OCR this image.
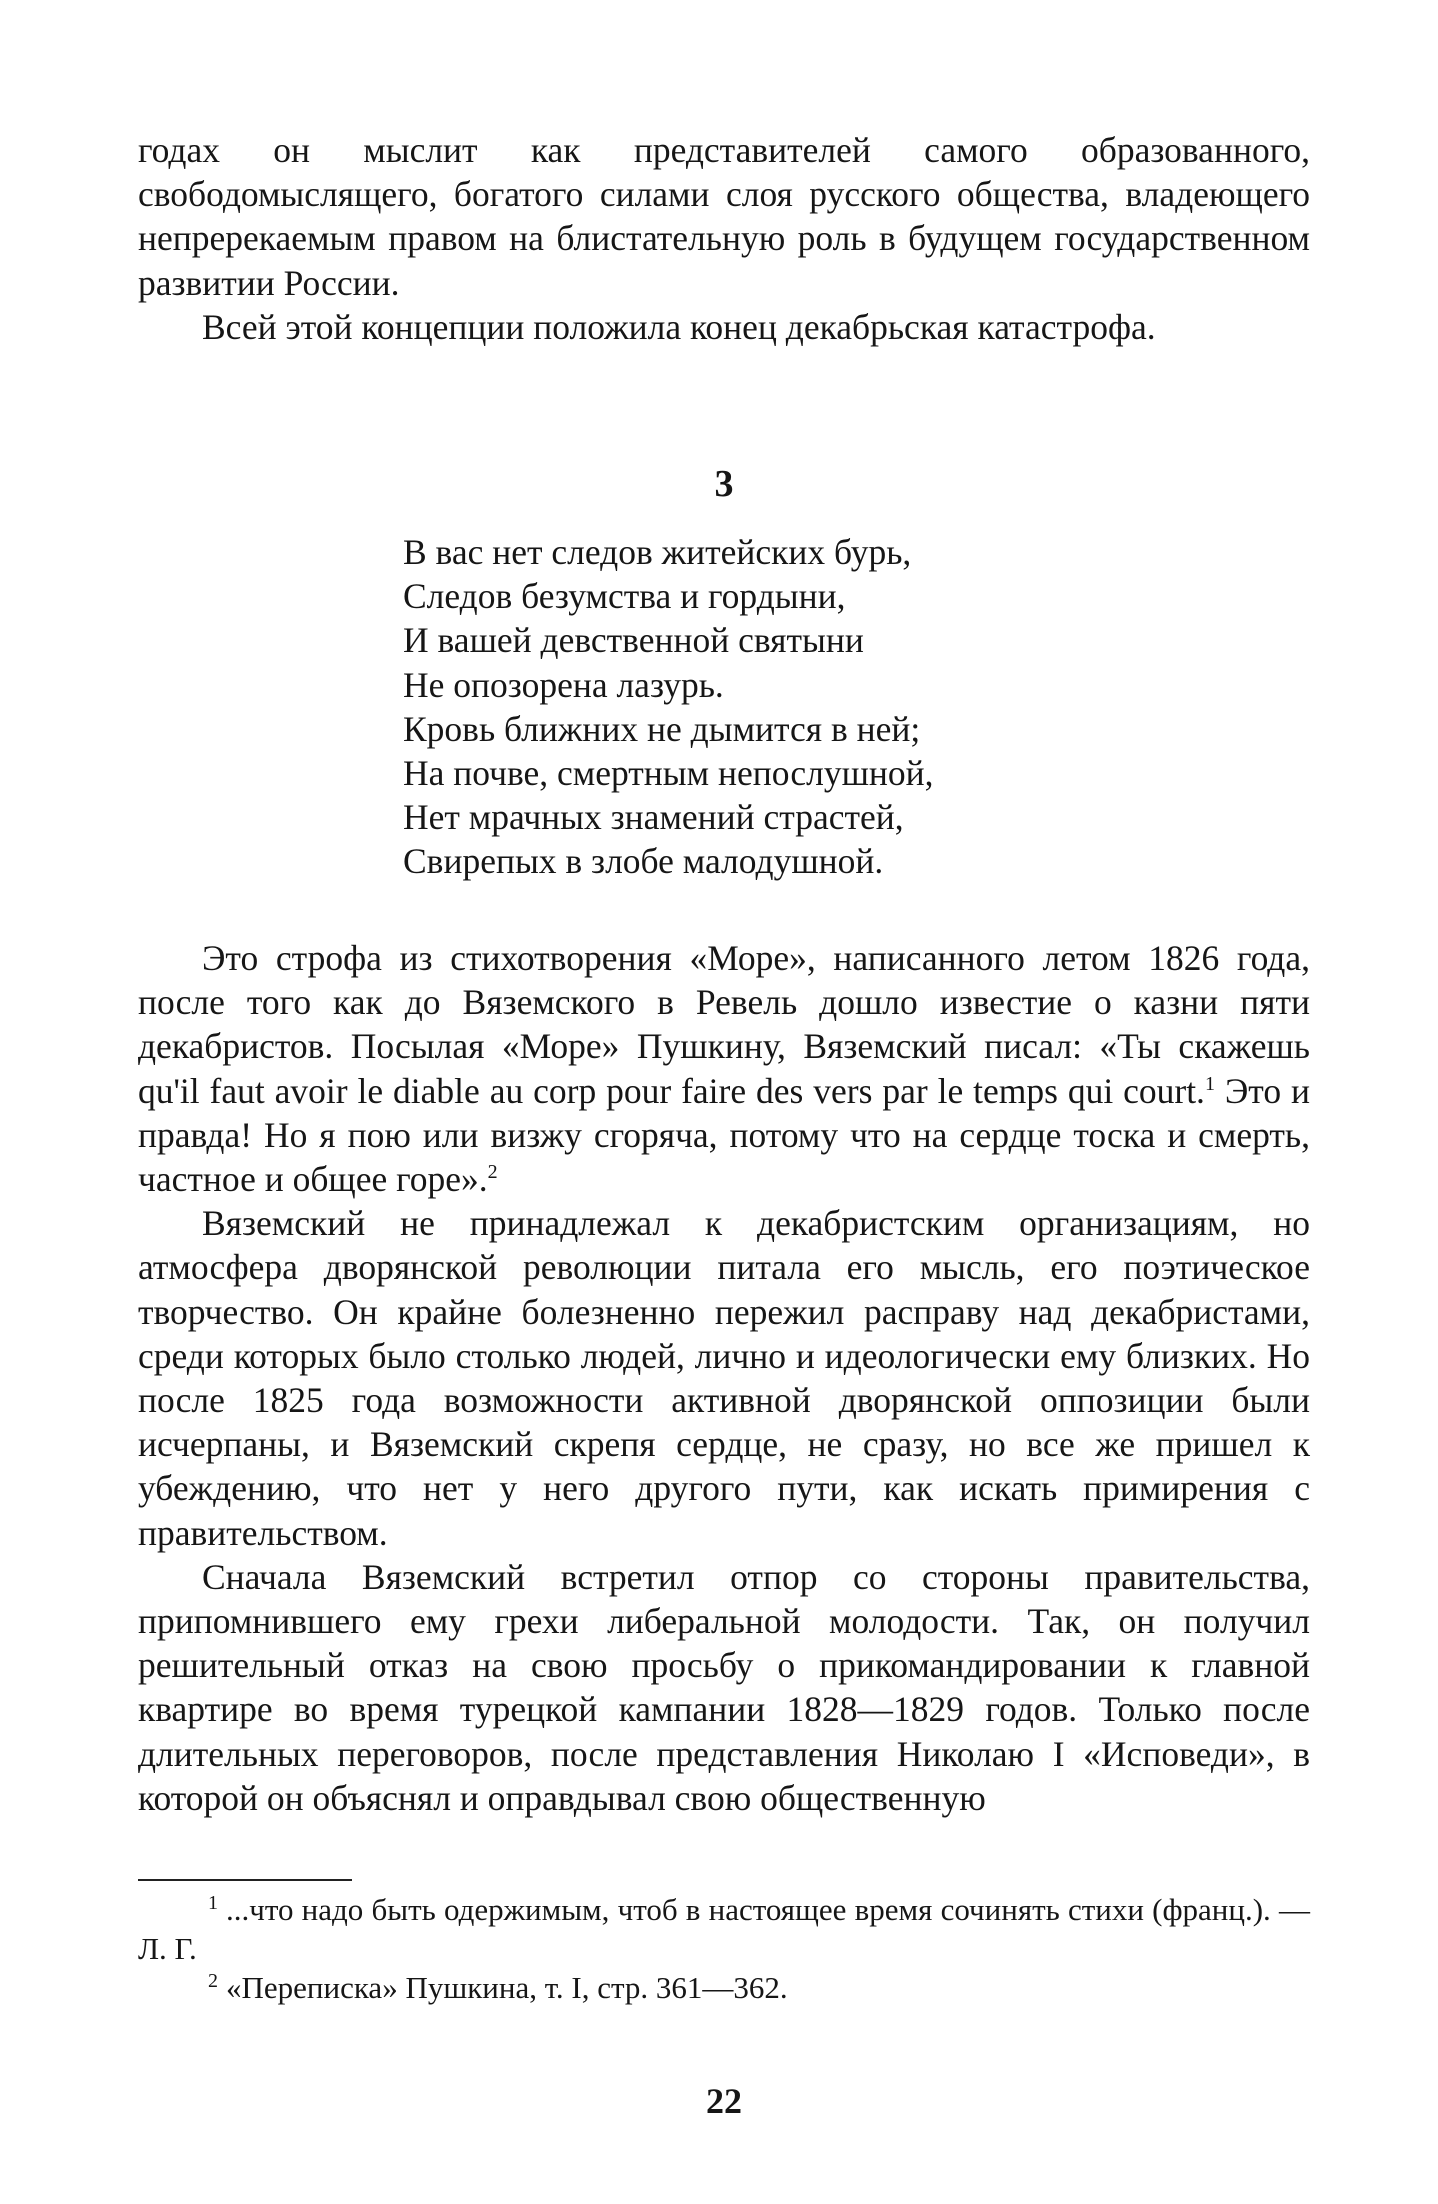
годах он мыслит как представителей самого образованного, свободомыслящего, богатого силами слоя русского общества, владеющего непререкаемым правом на блистательную роль в будущем государственном развитии России.

Всей этой концепции положила конец декабрьская катастрофа.

3
В вас нет следов житейских бурь,
Следов безумства и гордыни,
И вашей девственной святыни
Не опозорена лазурь.
Кровь ближних не дымится в ней;
На почве, смертным непослушной,
Нет мрачных знамений страстей,
Свирепых в злобе малодушной.

Это строфа из стихотворения «Море», написанного летом 1826 года, после того как до Вяземского в Ревель дошло известие о казни пяти декабристов. Посылая «Море» Пушкину, Вяземский писал: «Ты скажешь qu'il faut avoir le diable au corp pour faire des vers par le temps qui court.$^1$ Это и правда! Но я пою или визжу сгоряча, потому что на сердце тоска и смерть, частное и общее горе».$^2$

Вяземский не принадлежал к декабристским организациям, но атмосфера дворянской революции питала его мысль, его поэтическое творчество. Он крайне болезненно пережил расправу над декабристами, среди которых было столько людей, лично и идеологически ему близких. Но после 1825 года возможности активной дворянской оппозиции были исчерпаны, и Вяземский скрепя сердце, не сразу, но все же пришел к убеждению, что нет у него другого пути, как искать примирения с правительством.

Сначала Вяземский встретил отпор со стороны правительства, припомнившего ему грехи либеральной молодости. Так, он получил решительный отказ на свою просьбу о прикомандировании к главной квартире во время турецкой кампании 1828—1829 годов. Только после длительных переговоров, после представления Николаю I «Исповеди», в которой он объяснял и оправдывал свою общественную

$^1$ ...что надо быть одержимым, чтоб в настоящее время сочинять стихи (франц.). — Л. Г.

$^2$ «Переписка» Пушкина, т. I, стр. 361—362.

22
